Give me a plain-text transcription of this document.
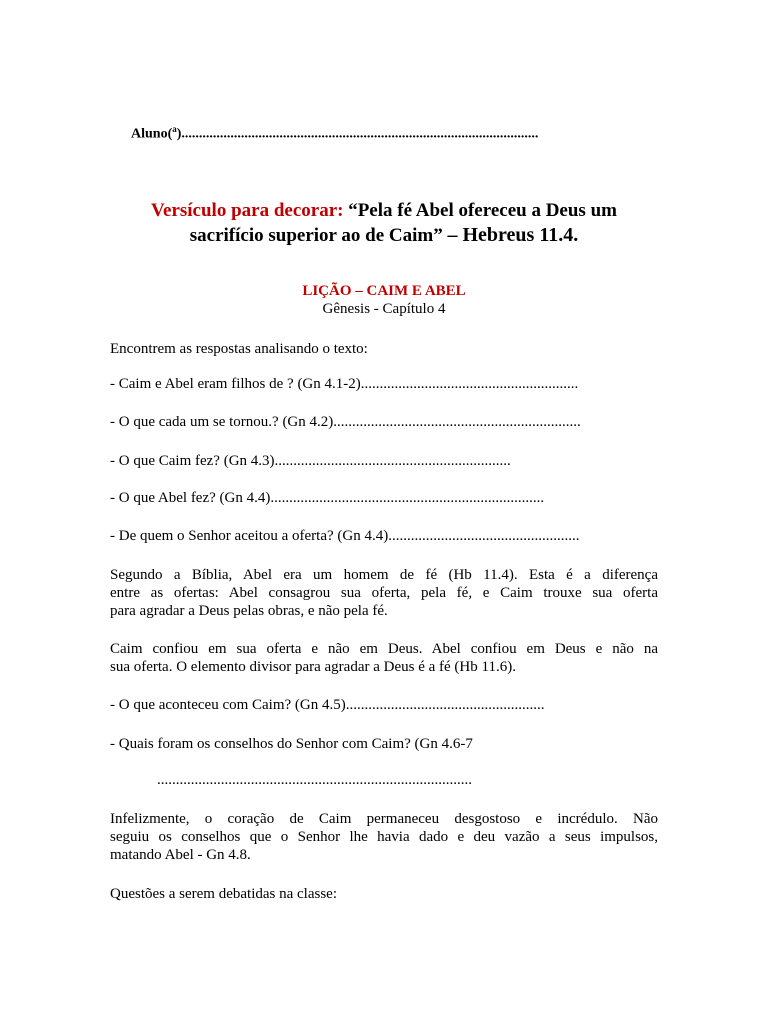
Aluno($^a$)......................................................................................................
Versículo para decorar: “Pela fé Abel ofereceu a Deus um
sacrifício superior ao de Caim” – Hebreus 11.4.
LIÇÃO – CAIM E ABEL
Gênesis - Capítulo 4
Encontrem as respostas analisando o texto:
- Caim e Abel eram filhos de ? (Gn 4.1-2)..........................................................
- O que cada um se tornou.? (Gn 4.2)..................................................................
- O que Caim fez? (Gn 4.3)...............................................................
- O que Abel fez? (Gn 4.4).........................................................................
- De quem o Senhor aceitou a oferta? (Gn 4.4)...................................................
Segundo a Bíblia, Abel era um homem de fé (Hb 11.4). Esta é a diferença
entre as ofertas: Abel consagrou sua oferta, pela fé, e Caim trouxe sua oferta
para agradar a Deus pelas obras, e não pela fé.
Caim confiou em sua oferta e não em Deus. Abel confiou em Deus e não na
sua oferta. O elemento divisor para agradar a Deus é a fé (Hb 11.6).
- O que aconteceu com Caim? (Gn 4.5).....................................................
- Quais foram os conselhos do Senhor com Caim? (Gn 4.6-7
....................................................................................
Infelizmente, o coração de Caim permaneceu desgostoso e incrédulo. Não
seguiu os conselhos que o Senhor lhe havia dado e deu vazão a seus impulsos,
matando Abel - Gn 4.8.
Questões a serem debatidas na classe:
